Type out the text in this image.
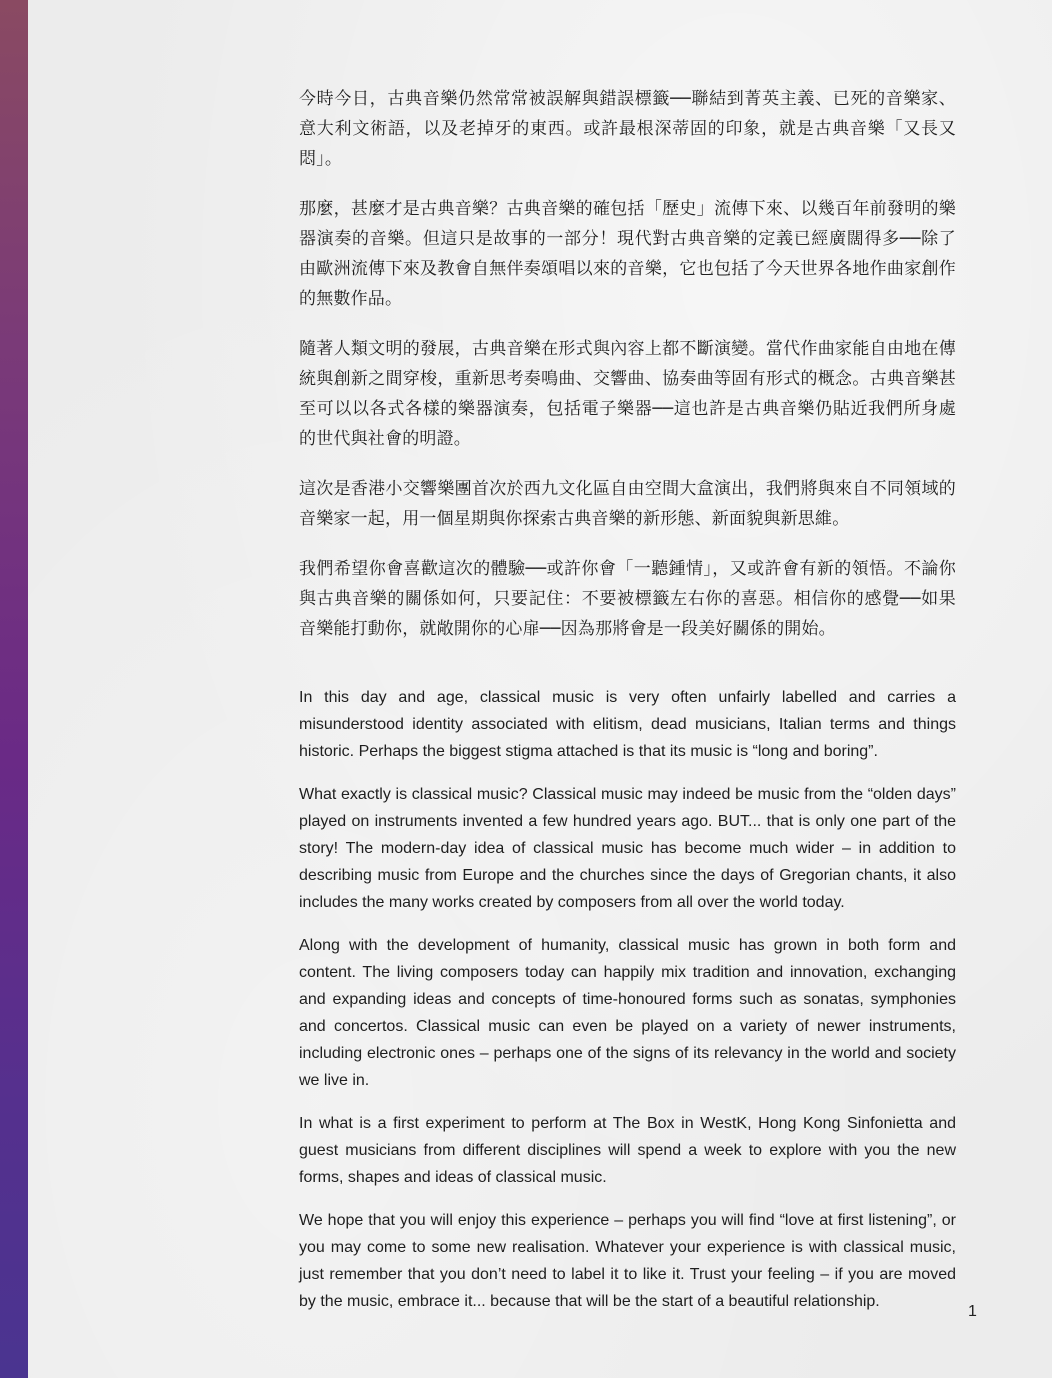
今時今日，古典音樂仍然常常被誤解與錯誤標籤──聯結到菁英主義、已死的音樂家、意大利文術語，以及老掉牙的東西。或許最根深蒂固的印象，就是古典音樂「又長又悶」。

那麼，甚麼才是古典音樂？古典音樂的確包括「歷史」流傳下來、以幾百年前發明的樂器演奏的音樂。但這只是故事的一部分！現代對古典音樂的定義已經廣闊得多──除了由歐洲流傳下來及教會自無伴奏頌唱以來的音樂，它也包括了今天世界各地作曲家創作的無數作品。

隨著人類文明的發展，古典音樂在形式與內容上都不斷演變。當代作曲家能自由地在傳統與創新之間穿梭，重新思考奏鳴曲、交響曲、協奏曲等固有形式的概念。古典音樂甚至可以以各式各樣的樂器演奏，包括電子樂器──這也許是古典音樂仍貼近我們所身處的世代與社會的明證。

這次是香港小交響樂團首次於西九文化區自由空間大盒演出，我們將與來自不同領域的音樂家一起，用一個星期與你探索古典音樂的新形態、新面貌與新思維。

我們希望你會喜歡這次的體驗──或許你會「一聽鍾情」，又或許會有新的領悟。不論你與古典音樂的關係如何，只要記住：不要被標籤左右你的喜惡。相信你的感覺──如果音樂能打動你，就敞開你的心扉──因為那將會是一段美好關係的開始。

In this day and age, classical music is very often unfairly labelled and carries a misunderstood identity associated with elitism, dead musicians, Italian terms and things historic. Perhaps the biggest stigma attached is that its music is “long and boring”.

What exactly is classical music? Classical music may indeed be music from the “olden days” played on instruments invented a few hundred years ago. BUT... that is only one part of the story! The modern-day idea of classical music has become much wider – in addition to describing music from Europe and the churches since the days of Gregorian chants, it also includes the many works created by composers from all over the world today.

Along with the development of humanity, classical music has grown in both form and content. The living composers today can happily mix tradition and innovation, exchanging and expanding ideas and concepts of time-honoured forms such as sonatas, symphonies and concertos. Classical music can even be played on a variety of newer instruments, including electronic ones – perhaps one of the signs of its relevancy in the world and society we live in.

In what is a first experiment to perform at The Box in WestK, Hong Kong Sinfonietta and guest musicians from different disciplines will spend a week to explore with you the new forms, shapes and ideas of classical music.

We hope that you will enjoy this experience – perhaps you will find “love at first listening”, or you may come to some new realisation. Whatever your experience is with classical music, just remember that you don’t need to label it to like it. Trust your feeling – if you are moved by the music, embrace it... because that will be the start of a beautiful relationship.

1
